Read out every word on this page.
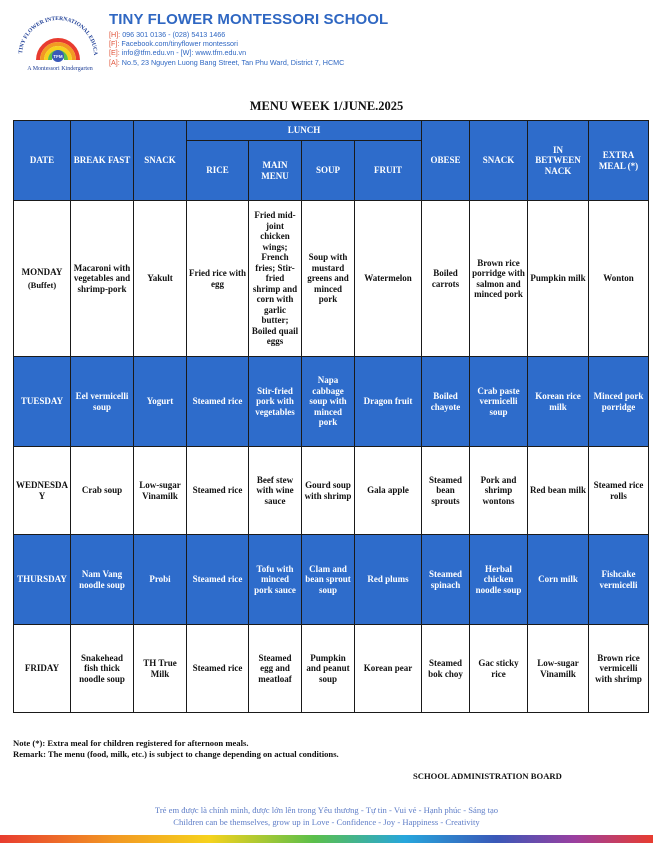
TINY FLOWER INTERNATIONAL EDUCA
TFM
A Montessori Kindergarten
TINY FLOWER MONTESSORI SCHOOL
[H]: 096 301 0136 - (028) 5413 1466
[F]: Facebook.com/tinyflower montessori
[E]: info@tfm.edu.vn - [W]: www.tfm.edu.vn
[A]: No.5, 23 Nguyen Luong Bang Street, Tan Phu Ward, District 7, HCMC
MENU WEEK 1/JUNE.2025
DATE	BREAK FAST	SNACK	LUNCH				OBESE	SNACK	IN BETWEEN NACK	EXTRA MEAL (*)
			RICE	MAIN MENU	SOUP	FRUIT				

MONDAY
(Buffet)	Macaroni with vegetables and shrimp-pork	Yakult	Fried rice with egg	Fried mid-joint chicken wings; French fries; Stir-fried shrimp and corn with garlic butter; Boiled quail eggs	Soup with mustard greens and minced pork	Watermelon	Boiled carrots	Brown rice porridge with salmon and minced pork	Pumpkin milk	Wonton
TUESDAY	Eel vermicelli soup	Yogurt	Steamed rice	Stir-fried pork with vegetables	Napa cabbage soup with minced pork	Dragon fruit	Boiled chayote	Crab paste vermicelli soup	Korean rice milk	Minced pork porridge
WEDNESDAY	Crab soup	Low-sugar Vinamilk	Steamed rice	Beef stew with wine sauce	Gourd soup with shrimp	Gala apple	Steamed bean sprouts	Pork and shrimp wontons	Red bean milk	Steamed rice rolls
THURSDAY	Nam Vang noodle soup	Probi	Steamed rice	Tofu with minced pork sauce	Clam and bean sprout soup	Red plums	Steamed spinach	Herbal chicken noodle soup	Corn milk	Fishcake vermicelli
FRIDAY	Snakehead fish thick noodle soup	TH True Milk	Steamed rice	Steamed egg and meatloaf	Pumpkin and peanut soup	Korean pear	Steamed bok choy	Gac sticky rice	Low-sugar Vinamilk	Brown rice vermicelli with shrimp
Note (*): Extra meal for children registered for afternoon meals.
Remark: The menu (food, milk, etc.) is subject to change depending on actual conditions.
SCHOOL ADMINISTRATION BOARD
Trẻ em được là chính mình, được lớn lên trong Yêu thương - Tự tin - Vui vẻ - Hạnh phúc - Sáng tạo
Children can be themselves, grow up in Love - Confidence - Joy - Happiness - Creativity
